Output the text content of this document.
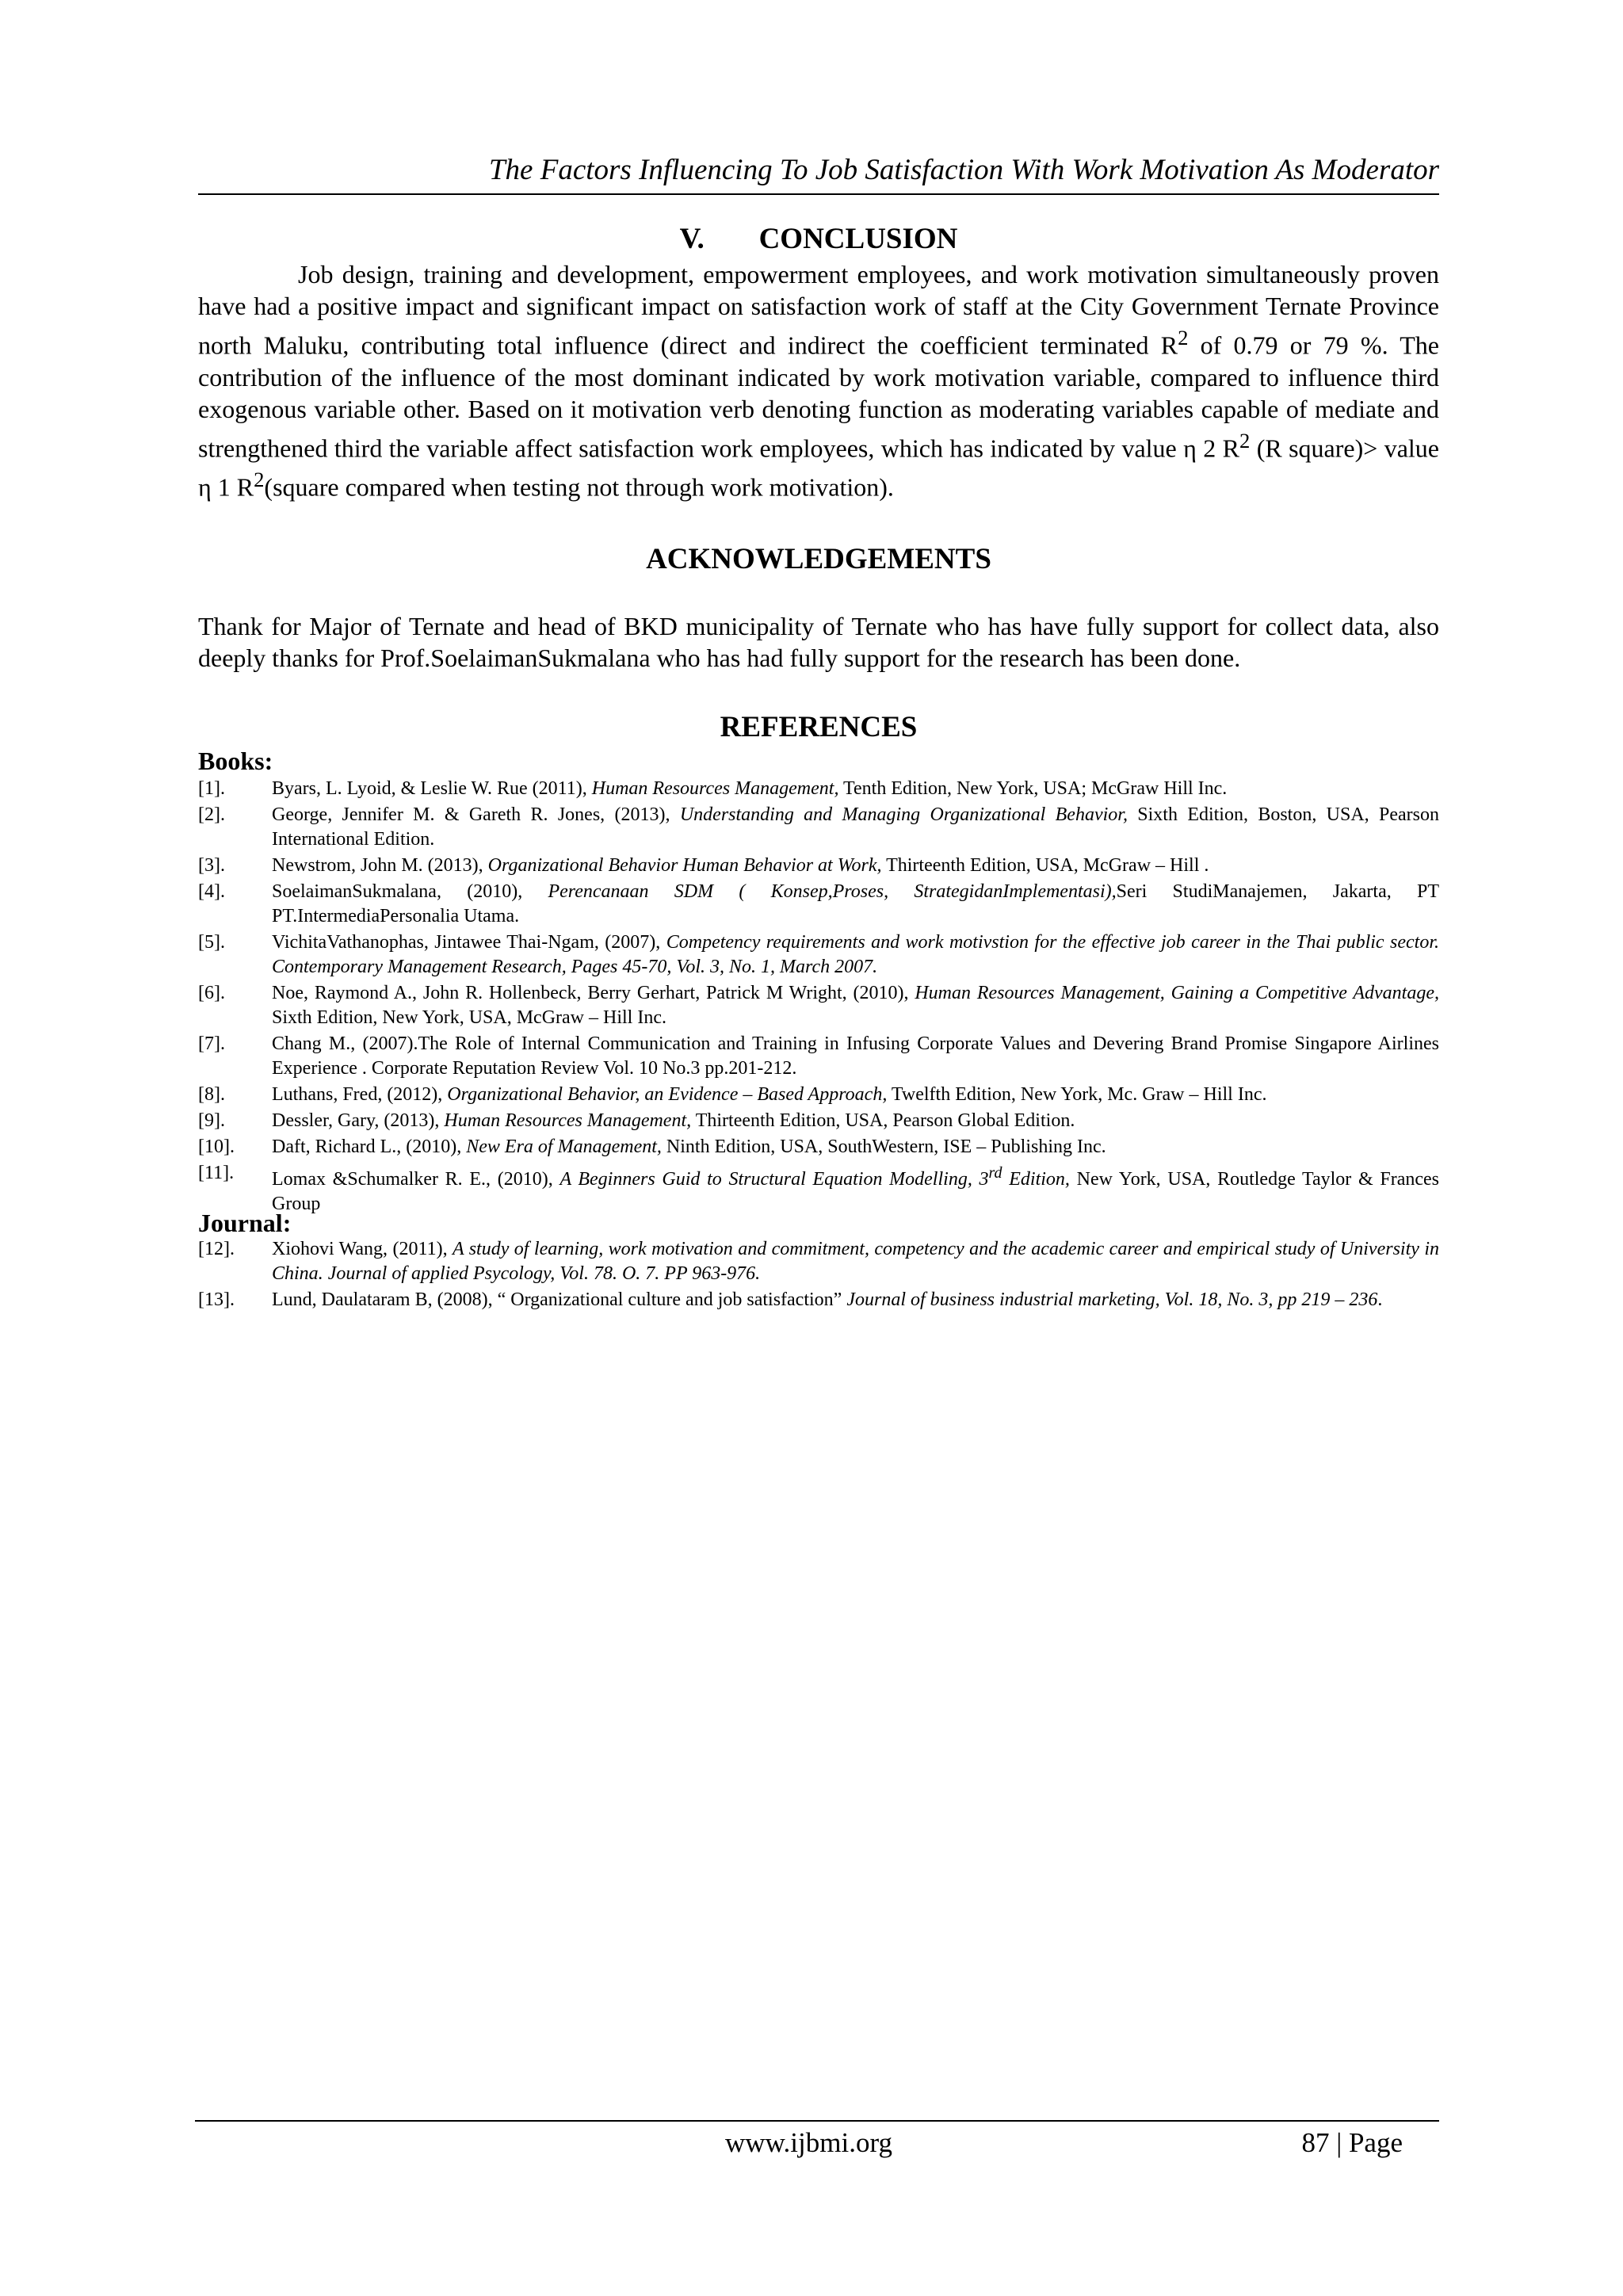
The Factors Influencing To Job Satisfaction With Work Motivation As Moderator
V. CONCLUSION

Job design, training and development, empowerment employees, and work motivation simultaneously proven have had a positive impact and significant impact on satisfaction work of staff at the City Government Ternate Province north Maluku, contributing total influence (direct and indirect the coefficient terminated $R^2$ of 0.79 or 79 %. The contribution of the influence of the most dominant indicated by work motivation variable, compared to influence third exogenous variable other. Based on it motivation verb denoting function as moderating variables capable of mediate and strengthened third the variable affect satisfaction work employees, which has indicated by value η 2 $R^2$ (R square)> value η 1 $R^2(square$ compared when testing not through work motivation).

ACKNOWLEDGEMENTS

Thank for Major of Ternate and head of BKD municipality of Ternate who has have fully support for collect data, also deeply thanks for Prof.SoelaimanSukmalana who has had fully support for the research has been done.

REFERENCES
Books:
[1]. Byars, L. Lyoid, & Leslie W. Rue (2011), Human Resources Management, Tenth Edition, New York, USA; McGraw Hill Inc.
[2]. George, Jennifer M. & Gareth R. Jones, (2013), Understanding and Managing Organizational Behavior, Sixth Edition, Boston, USA, Pearson International Edition.
[3]. Newstrom, John M. (2013), Organizational Behavior Human Behavior at Work, Thirteenth Edition, USA, McGraw – Hill .
[4]. SoelaimanSukmalana, (2010), Perencanaan SDM ( Konsep,Proses, StrategidanImplementasi),Seri StudiManajemen, Jakarta, PT PT.IntermediaPersonalia Utama.
[5]. VichitaVathanophas, Jintawee Thai-Ngam, (2007), Competency requirements and work motivstion for the effective job career in the Thai public sector. Contemporary Management Research, Pages 45-70, Vol. 3, No. 1, March 2007.
[6]. Noe, Raymond A., John R. Hollenbeck, Berry Gerhart, Patrick M Wright, (2010), Human Resources Management, Gaining a Competitive Advantage, Sixth Edition, New York, USA, McGraw – Hill Inc.
[7]. Chang M., (2007).The Role of Internal Communication and Training in Infusing Corporate Values and Devering Brand Promise Singapore Airlines Experience . Corporate Reputation Review Vol. 10 No.3 pp.201-212.
[8]. Luthans, Fred, (2012), Organizational Behavior, an Evidence – Based Approach, Twelfth Edition, New York, Mc. Graw – Hill Inc.
[9]. Dessler, Gary, (2013), Human Resources Management, Thirteenth Edition, USA, Pearson Global Edition.
[10]. Daft, Richard L., (2010), New Era of Management, Ninth Edition, USA, SouthWestern, ISE – Publishing Inc.
[11]. Lomax &Schumalker R. E., (2010), A Beginners Guid to Structural Equation Modelling, 3rd Edition, New York, USA, Routledge Taylor & Frances Group
Journal:
[12]. Xiohovi Wang, (2011), A study of learning, work motivation and commitment, competency and the academic career and empirical study of University in China. Journal of applied Psycology, Vol. 78. O. 7. PP 963-976.
[13]. Lund, Daulataram B, (2008), “ Organizational culture and job satisfaction” Journal of business industrial marketing, Vol. 18, No. 3, pp 219 – 236.
www.ijbmi.org	87 | Page
